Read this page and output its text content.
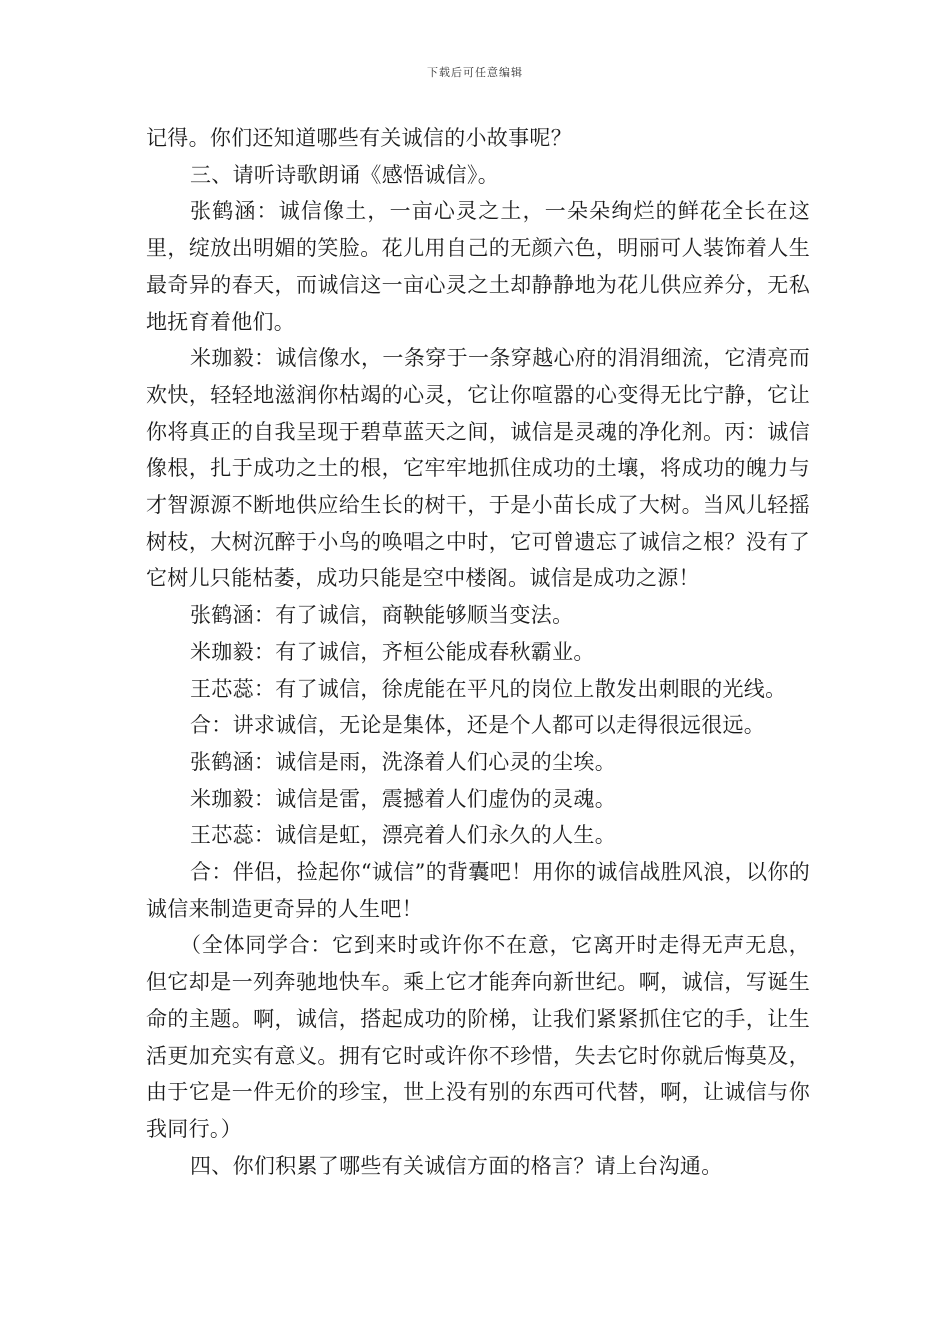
下载后可任意编辑

记得。你们还知道哪些有关诚信的小故事呢？

三、请听诗歌朗诵《感悟诚信》。

张鹤涵：诚信像土，一亩心灵之土，一朵朵绚烂的鲜花全长在这里，绽放出明媚的笑脸。花儿用自己的无颜六色，明丽可人装饰着人生最奇异的春天，而诚信这一亩心灵之土却静静地为花儿供应养分，无私地抚育着他们。

米珈毅：诚信像水，一条穿于一条穿越心府的涓涓细流，它清亮而欢快，轻轻地滋润你枯竭的心灵，它让你喧嚣的心变得无比宁静，它让你将真正的自我呈现于碧草蓝天之间，诚信是灵魂的净化剂。丙：诚信像根，扎于成功之土的根，它牢牢地抓住成功的土壤，将成功的魄力与才智源源不断地供应给生长的树干，于是小苗长成了大树。当风儿轻摇树枝，大树沉醉于小鸟的唤唱之中时，它可曾遗忘了诚信之根？没有了它树儿只能枯萎，成功只能是空中楼阁。诚信是成功之源！

张鹤涵：有了诚信，商鞅能够顺当变法。

米珈毅：有了诚信，齐桓公能成春秋霸业。

王芯蕊：有了诚信，徐虎能在平凡的岗位上散发出刺眼的光线。

合：讲求诚信，无论是集体，还是个人都可以走得很远很远。

张鹤涵：诚信是雨，洗涤着人们心灵的尘埃。

米珈毅：诚信是雷，震撼着人们虚伪的灵魂。

王芯蕊：诚信是虹，漂亮着人们永久的人生。

合：伴侣，捡起你“诚信”的背囊吧！用你的诚信战胜风浪，以你的诚信来制造更奇异的人生吧！

（全体同学合：它到来时或许你不在意，它离开时走得无声无息，但它却是一列奔驰地快车。乘上它才能奔向新世纪。啊，诚信，写诞生命的主题。啊，诚信，搭起成功的阶梯，让我们紧紧抓住它的手，让生活更加充实有意义。拥有它时或许你不珍惜，失去它时你就后悔莫及，由于它是一件无价的珍宝，世上没有别的东西可代替，啊，让诚信与你我同行。）

四、你们积累了哪些有关诚信方面的格言？请上台沟通。
